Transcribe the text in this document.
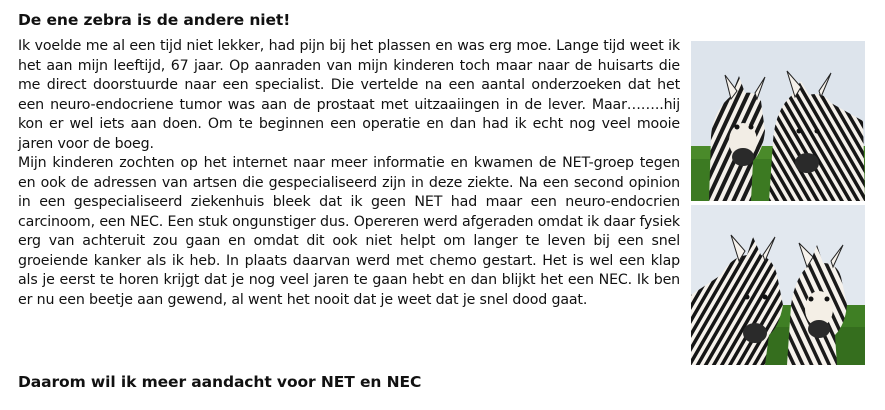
De ene zebra is de andere niet!

Ik voelde me al een tijd niet lekker, had pijn bij het plassen en was erg moe. Lange tijd weet ik het aan mijn leeftijd, 67 jaar. Op aanraden van mijn kinderen toch maar naar de huisarts die me direct doorstuurde naar een specialist. Die vertelde na een aantal onderzoeken dat het een neuro-endocriene tumor was aan de prostaat met uitzaaiingen in de lever. Maar……..hij kon er wel iets aan doen. Om te beginnen een operatie en dan had ik echt nog veel mooie jaren voor de boeg.

Mijn kinderen zochten op het internet naar meer informatie en kwamen de NET-groep tegen en ook de adressen van artsen die gespecialiseerd zijn in deze ziekte. Na een second opinion in een gespecialiseerd ziekenhuis bleek dat ik geen NET had maar een neuro-endocrien carcinoom, een NEC. Een stuk ongunstiger dus. Opereren werd afgeraden omdat ik daar fysiek erg van achteruit zou gaan en omdat dit ook niet helpt om langer te leven bij een snel groeiende kanker als ik heb. In plaats daarvan werd met chemo gestart. Het is wel een klap als je eerst te horen krijgt dat je nog veel jaren te gaan hebt en dan blijkt het een NEC. Ik ben er nu een beetje aan gewend, al went het nooit dat je weet dat je snel dood gaat.

Daarom wil ik meer aandacht voor NET en NEC
